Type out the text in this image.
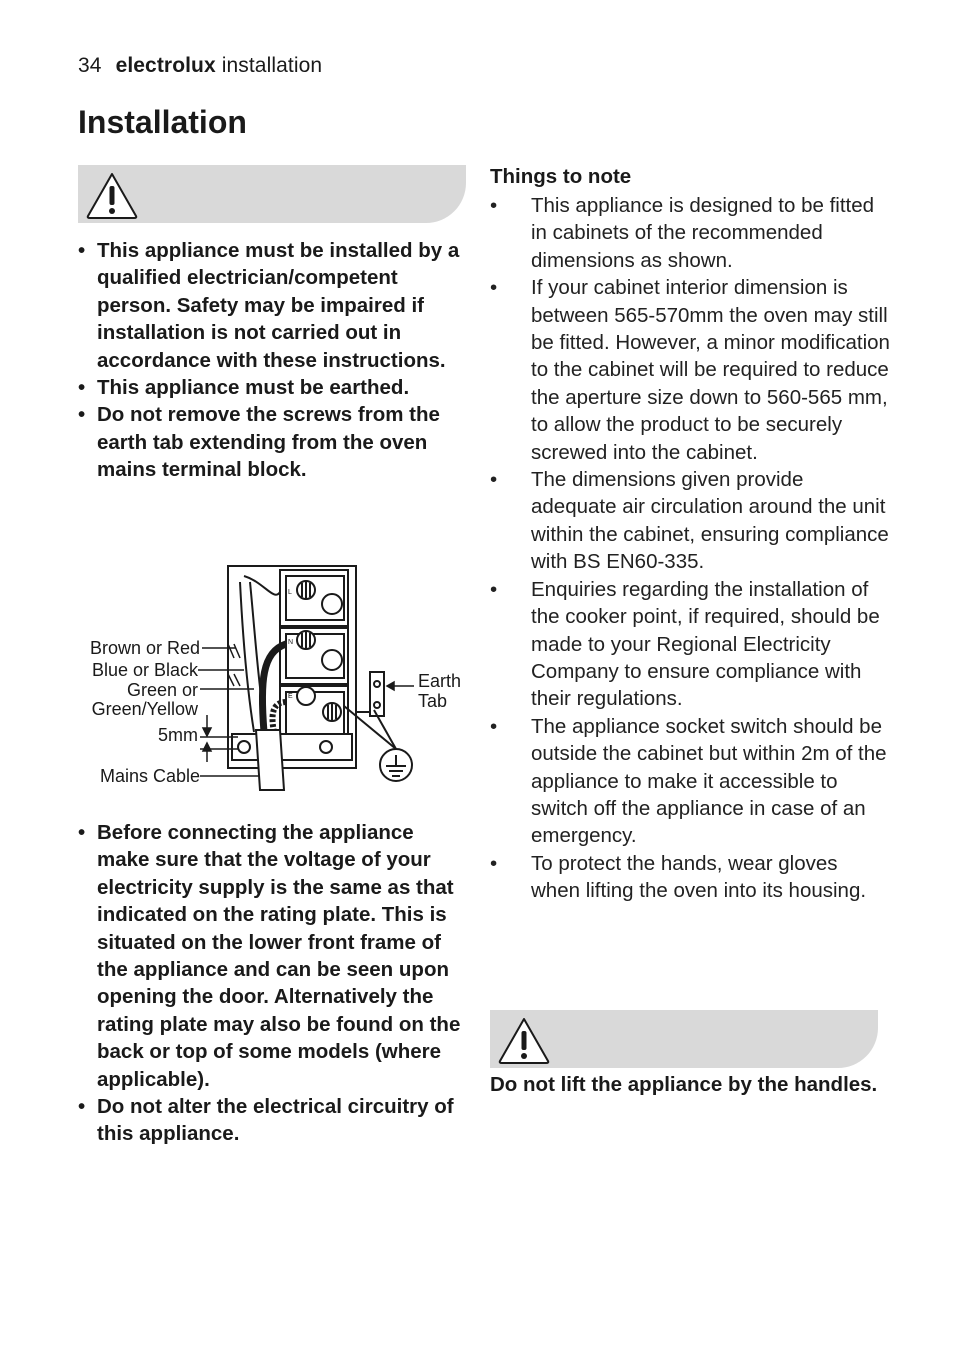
34 electrolux installation
Installation
• This appliance must be installed by a qualified electrician/competent person. Safety may be impaired if installation is not carried out in accordance with these instructions.
• This appliance must be earthed.
• Do not remove the screws from the earth tab extending from the oven mains terminal block.
L
N
E
Brown or Red
Blue or Black
Green or
Green/Yellow
5mm
Mains Cable
Earth
Tab
• Before connecting the appliance make sure that the voltage of your electricity supply is the same as that indicated on the rating plate. This is situated on the lower front frame of the appliance and can be seen upon opening the door. Alternatively the rating plate may also be found on the back or top of some models (where applicable).
• Do not alter the electrical circuitry of this appliance.
Things to note
• This appliance is designed to be fitted in cabinets of the recommended dimensions as shown.
• If your cabinet interior dimension is between 565-570mm the oven may still be fitted. However, a minor modification to the cabinet will be required to reduce the aperture size down to 560-565 mm, to allow the product to be securely screwed into the cabinet.
• The dimensions given provide adequate air circulation around the unit within the cabinet, ensuring compliance with BS EN60-335.
• Enquiries regarding the installation of the cooker point, if required, should be made to your Regional Electricity Company to ensure compliance with their regulations.
• The appliance socket switch should be outside the cabinet but within 2m of the appliance to make it accessible to switch off the appliance in case of an emergency.
• To protect the hands, wear gloves when lifting the oven into its housing.
Do not lift the appliance by the handles.
